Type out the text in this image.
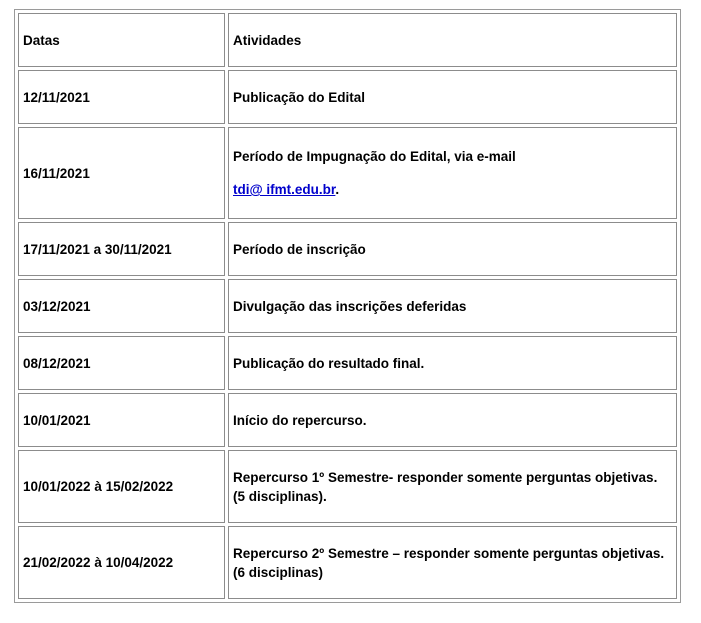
Datas	Atividades

12/11/2021	Publicação do Edital

16/11/2021	Período de Impugnação do Edital, via e-mail

tdi@ ifmt.edu.br.

17/11/2021 a 30/11/2021	Período de inscrição

03/12/2021	Divulgação das inscrições deferidas

08/12/2021	Publicação do resultado final.

10/01/2021	Início do repercurso.

10/01/2022 à 15/02/2022	Repercurso 1º Semestre- responder somente perguntas objetivas.

(5 disciplinas).

21/02/2022 à 10/04/2022	Repercurso 2º Semestre – responder somente perguntas objetivas.

(6 disciplinas)
